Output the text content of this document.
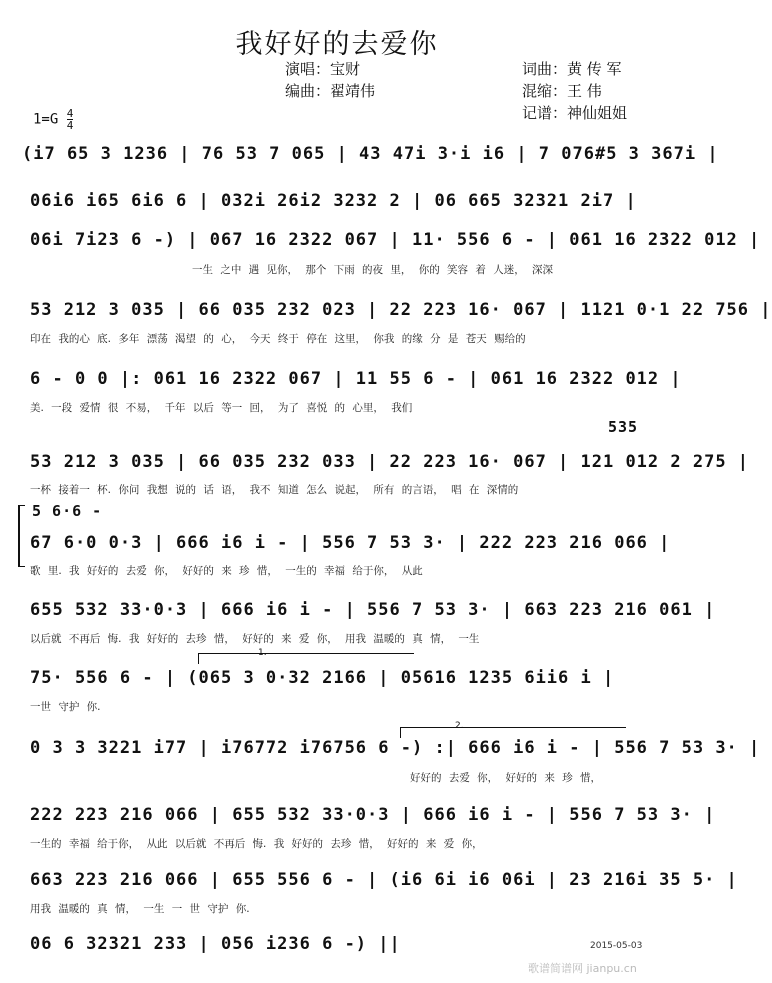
我好好的去爱你
演唱：宝财
编曲：翟靖伟
词曲：黄 传 军
混缩：王 伟
记谱：神仙姐姐
$1=G \frac{4}{4}$
(i7 65 3 1236 | 76 53 7 065 | 43 47i 3·i i6 | 7 076#5 3 367i |
06i6 i65 6i6 6 | 032i 26i2 3232 2 | 06 665 32321 2i7 |
06i 7i23 6 -) | 067 16 2322 067 | 11· 556 6 - | 061 16 2322 012 |
一生 之中 遇 见你， 那个 下雨 的夜 里， 你的 笑容 着 人迷， 深深
53 212 3 035 | 66 035 232 023 | 22 223 16· 067 | 1121 0·1 22 756 |
印在 我的心 底. 多年 漂荡 渴望 的 心， 今天 终于 停在 这里， 你我 的缘 分 是 苍天 赐给的
6 - 0 0 |: 061 16 2322 067 | 11 55 6 - | 061 16 2322 012 |
美. 一段 爱情 很 不易， 千年 以后 等一 回， 为了 喜悦 的 心里， 我们
535
53 212 3 035 | 66 035 232 033 | 22 223 16· 067 | 121 012 2 275 |
一杯 接着一 杯. 你问 我想 说的 话 语， 我不 知道 怎么 说起， 所有 的言语， 唱 在 深情的
5 6·6 -
67 6·0 0·3 | 666 i6 i - | 556 7 53 3· | 222 223 216 066 |
歌 里. 我 好好的 去爱 你， 好好的 来 珍 惜， 一生的 幸福 给于你， 从此
655 532 33·0·3 | 666 i6 i - | 556 7 53 3· | 663 223 216 061 |
以后就 不再后 悔. 我 好好的 去珍 惜， 好好的 来 爱 你， 用我 温暖的 真 情， 一生
1.
75· 556 6 - | (065 3 0·32 2166 | 05616 1235 6ii6 i |
一世 守护 你.
2.
0 3 3 3221 i77 | i76772 i76756 6 -) :| 666 i6 i - | 556 7 53 3· |
好好的 去爱 你， 好好的 来 珍 惜，
222 223 216 066 | 655 532 33·0·3 | 666 i6 i - | 556 7 53 3· |
一生的 幸福 给于你， 从此 以后就 不再后 悔. 我 好好的 去珍 惜， 好好的 来 爱 你，
663 223 216 066 | 655 556 6 - | (i6 6i i6 06i | 23 216i 35 5· |
用我 温暖的 真 情， 一生 一 世 守护 你.
06 6 32321 233 | 056 i236 6 -) ||	2015-05-03
歌谱简谱网 jianpu.cn
